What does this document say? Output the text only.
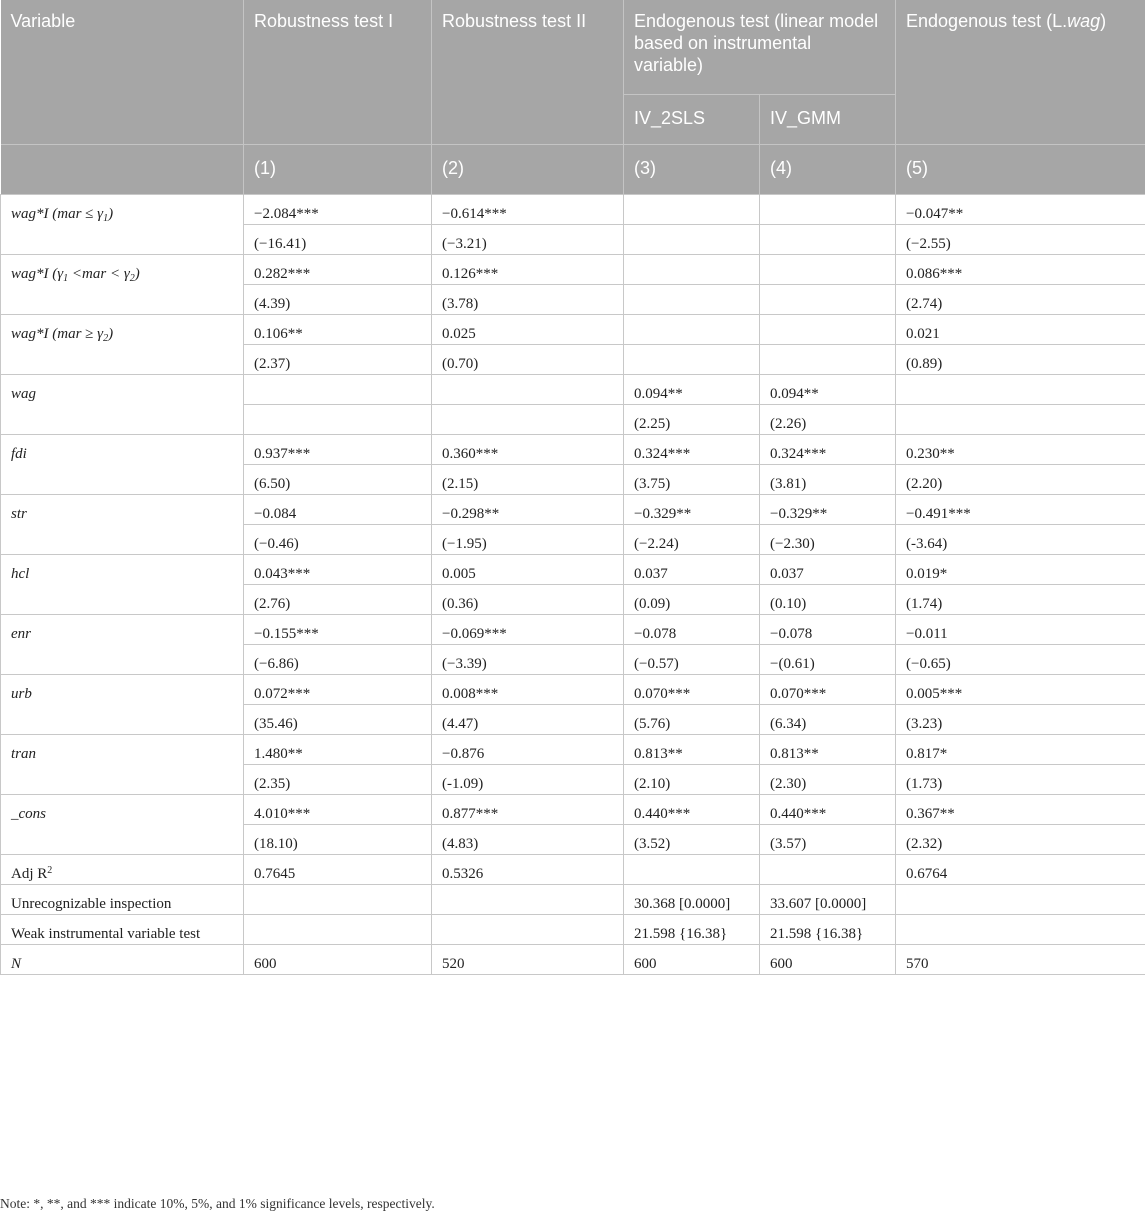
Variable	Robustness test I	Robustness test II	Endogenous test (linear model based on instrumental variable)		Endogenous test (L.wag)
			IV_2SLS	IV_GMM	
	(1)	(2)	(3)	(4)	(5)
wag*I $(mar \le \gamma_1)$	−2.084***	−0.614***			−0.047**
	(−16.41)	(−3.21)			(−2.55)
wag*I $(\gamma_1 <mar < \gamma_2)$	0.282***	0.126***			0.086***
	(4.39)	(3.78)			(2.74)
wag*I $(mar \ge \gamma_2)$	0.106**	0.025			0.021
	(2.37)	(0.70)			(0.89)
wag			0.094**	0.094**	
			(2.25)	(2.26)	
fdi	0.937***	0.360***	0.324***	0.324***	0.230**
	(6.50)	(2.15)	(3.75)	(3.81)	(2.20)
str	−0.084	−0.298**	−0.329**	−0.329**	−0.491***
	(−0.46)	(−1.95)	(−2.24)	(−2.30)	(-3.64)
hcl	0.043***	0.005	0.037	0.037	0.019*
	(2.76)	(0.36)	(0.09)	(0.10)	(1.74)
enr	−0.155***	−0.069***	−0.078	−0.078	−0.011
	(−6.86)	(−3.39)	(−0.57)	−(0.61)	(−0.65)
urb	0.072***	0.008***	0.070***	0.070***	0.005***
	(35.46)	(4.47)	(5.76)	(6.34)	(3.23)
tran	1.480**	−0.876	0.813**	0.813**	0.817*
	(2.35)	(-1.09)	(2.10)	(2.30)	(1.73)
_cons	4.010***	0.877***	0.440***	0.440***	0.367**
	(18.10)	(4.83)	(3.52)	(3.57)	(2.32)
Adj $R^2$	0.7645	0.5326			0.6764
Unrecognizable inspection			30.368 [0.0000]	33.607 [0.0000]	
Weak instrumental variable test			21.598 {16.38}	21.598 {16.38}	
N	600	520	600	600	570
Note: *, **, and *** indicate 10%, 5%, and 1% significance levels, respectively.
